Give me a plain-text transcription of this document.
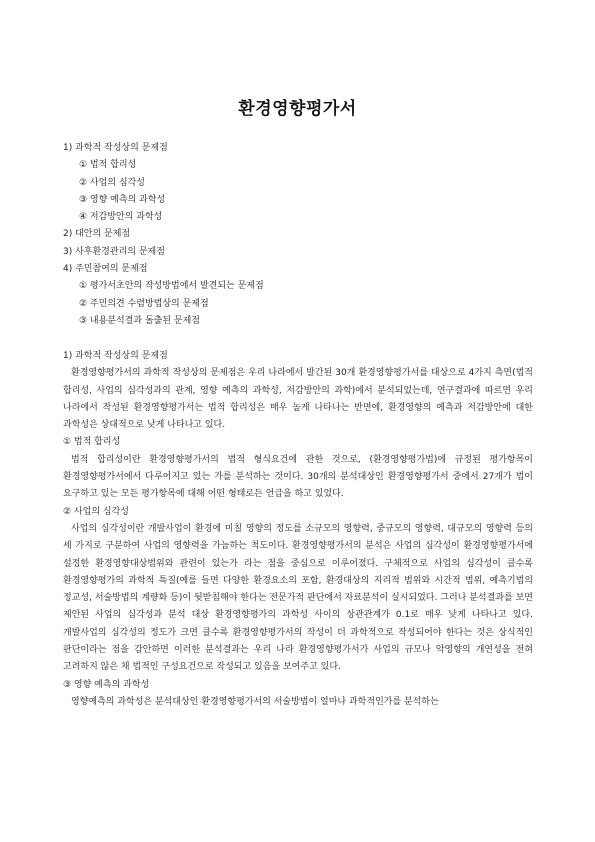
환경영향평가서
1) 과학적 작성상의 문제점
① 법적 합리성
② 사업의 심각성
③ 영향 예측의 과학성
④ 저감방안의 과학성
2) 대안의 문제점
3) 사후환경관리의 문제점
4) 주민참여의 문제점
① 평가서초안의 작성방법에서 발견되는 문제점
② 주민의견 수렴방법상의 문제점
③ 내용분석결과 돌출된 문제점
1) 과학적 작성상의 문제점

환경영향평가서의 과학적 작성상의 문제점은 우리 나라에서 발간된 30개 환경영향평가서를 대상으로 4가지 측면(법적 합리성, 사업의 심각성과의 관계, 영향 예측의 과학성, 저감방안의 과학)에서 분석되었는데, 연구결과에 따르면 우리 나라에서 작성된 환경영향평가서는 법적 합리성은 매우 높게 나타나는 반면에, 환경영향의 예측과 저감방안에 대한 과학성은 상대적으로 낮게 나타나고 있다.

① 법적 합리성

법적 합리성이란 환경영향평가서의 법적 형식요건에 관한 것으로, (환경영향평가법)에 규정된 평가항목이 환경영향평가서에서 다루어지고 있는 가를 분석하는 것이다. 30개의 분석대상인 환경영향평가서 중에서 27개가 법이 요구하고 있는 모든 평가항목에 대해 어떤 형태로든 언급을 하고 있었다.

② 사업의 심각성

사업의 심각성이란 개발사업이 환경에 미칠 영향의 정도를 소규모의 영향력, 중규모의 영향력, 대규모의 영향력 등의 세 가지로 구분하여 사업의 영향력을 가늠하는 척도이다. 환경영향평가서의 분석은 사업의 심각성이 환경영향평가서에 설정한 환경영향대상범위와 관련이 있는가 라는 점을 중심으로 이루어졌다. 구체적으로 사업의 심각성이 클수록 환경영향평가의 과학적 특질(예를 들면 다양한 환경요소의 포함, 환경대상의 지리적 범위와 시간적 범위, 예측기법의 정교성, 서술방법의 계량화 등)이 뒷받침해야 한다는 전문가적 판단에서 자료분석이 실시되었다. 그러나 분석결과를 보면 제안된 사업의 심각성과 분석 대상 환경영향평가의 과학성 사이의 상관관계가 0.1로 매우 낮게 나타나고 있다. 개발사업의 심각성의 정도가 크면 클수록 환경영향평가서의 작성이 더 과학적으로 작성되어야 한다는 것은 상식적인 판단이라는 점을 감안하면 이러한 분석결과는 우리 나라 환경영향평가서가 사업의 규모나 악영향의 개연성을 전혀 고려하지 않은 채 법적인 구성요건으로 작성되고 있음을 보여주고 있다.

③ 영향 예측의 과학성

영향예측의 과학성은 분석대상인 환경영향평가서의 서술방법이 얼마나 과학적인가를 분석하는
